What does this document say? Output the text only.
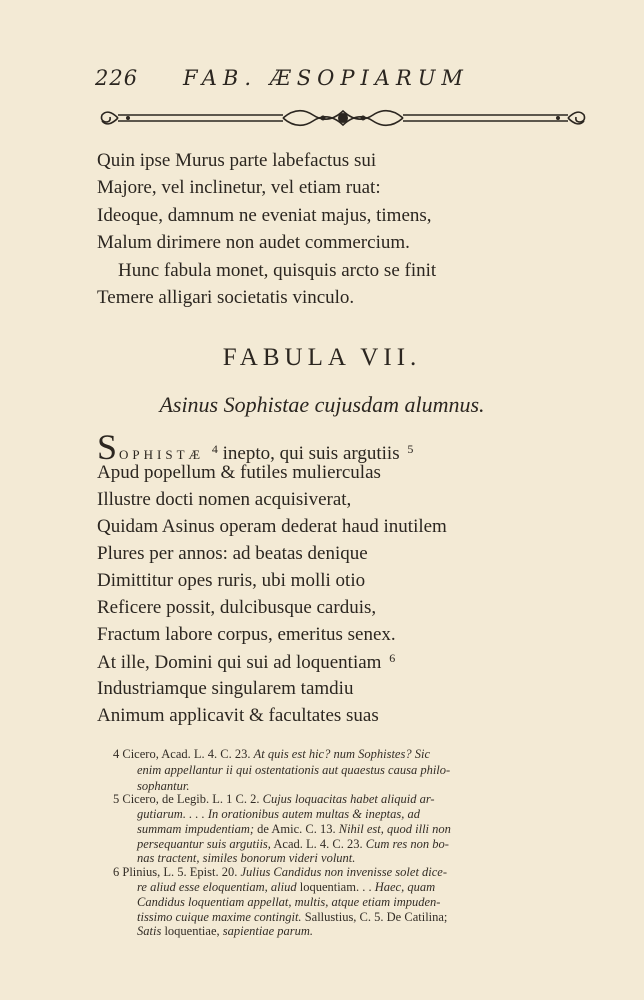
226 FAB. ÆSOPIARUM
Quin ipse Murus parte labefactus sui
Majore, vel inclinetur, vel etiam ruat:
Ideoque, damnum ne eveniat majus, timens,
Malum dirimere non audet commercium.
Hunc fabula monet, quisquis arcto se finit
Temere alligari societatis vinculo.
FABULA VII.
Asinus Sophistae cujusdam alumnus.
SOPHISTÆ $^4$ inepto, qui suis argutiis $^5$
Apud popellum & futiles mulierculas
Illustre docti nomen acquisiverat,
Quidam Asinus operam dederat haud inutilem
Plures per annos: ad beatas denique
Dimittitur opes ruris, ubi molli otio
Reficere possit, dulcibusque carduis,
Fractum labore corpus, emeritus senex.
At ille, Domini qui sui ad loquentiam $^6$
Industriamque singularem tamdiu
Animum applicavit & facultates suas
4 Cicero, Acad. L. 4. C. 23. At quis est hic? num Sophistes? Sic
enim appellantur ii qui ostentationis aut quaestus causa philo-
sophantur.
5 Cicero, de Legib. L. 1 C. 2. Cujus loquacitas habet aliquid ar-
gutiarum. . . . In orationibus autem multas & ineptas, ad
summam impudentiam; de Amic. C. 13. Nihil est, quod illi non
persequantur suis argutiis, Acad. L. 4. C. 23. Cum res non bo-
nas tractent, similes bonorum videri volunt.
6 Plinius, L. 5. Epist. 20. Julius Candidus non invenisse solet dice-
re aliud esse eloquentiam, aliud loquentiam. . . Haec, quam
Candidus loquentiam appellat, multis, atque etiam impuden-
tissimo cuique maxime contingit. Sallustius, C. 5. De Catilina;
Satis loquentiae, sapientiae parum.
